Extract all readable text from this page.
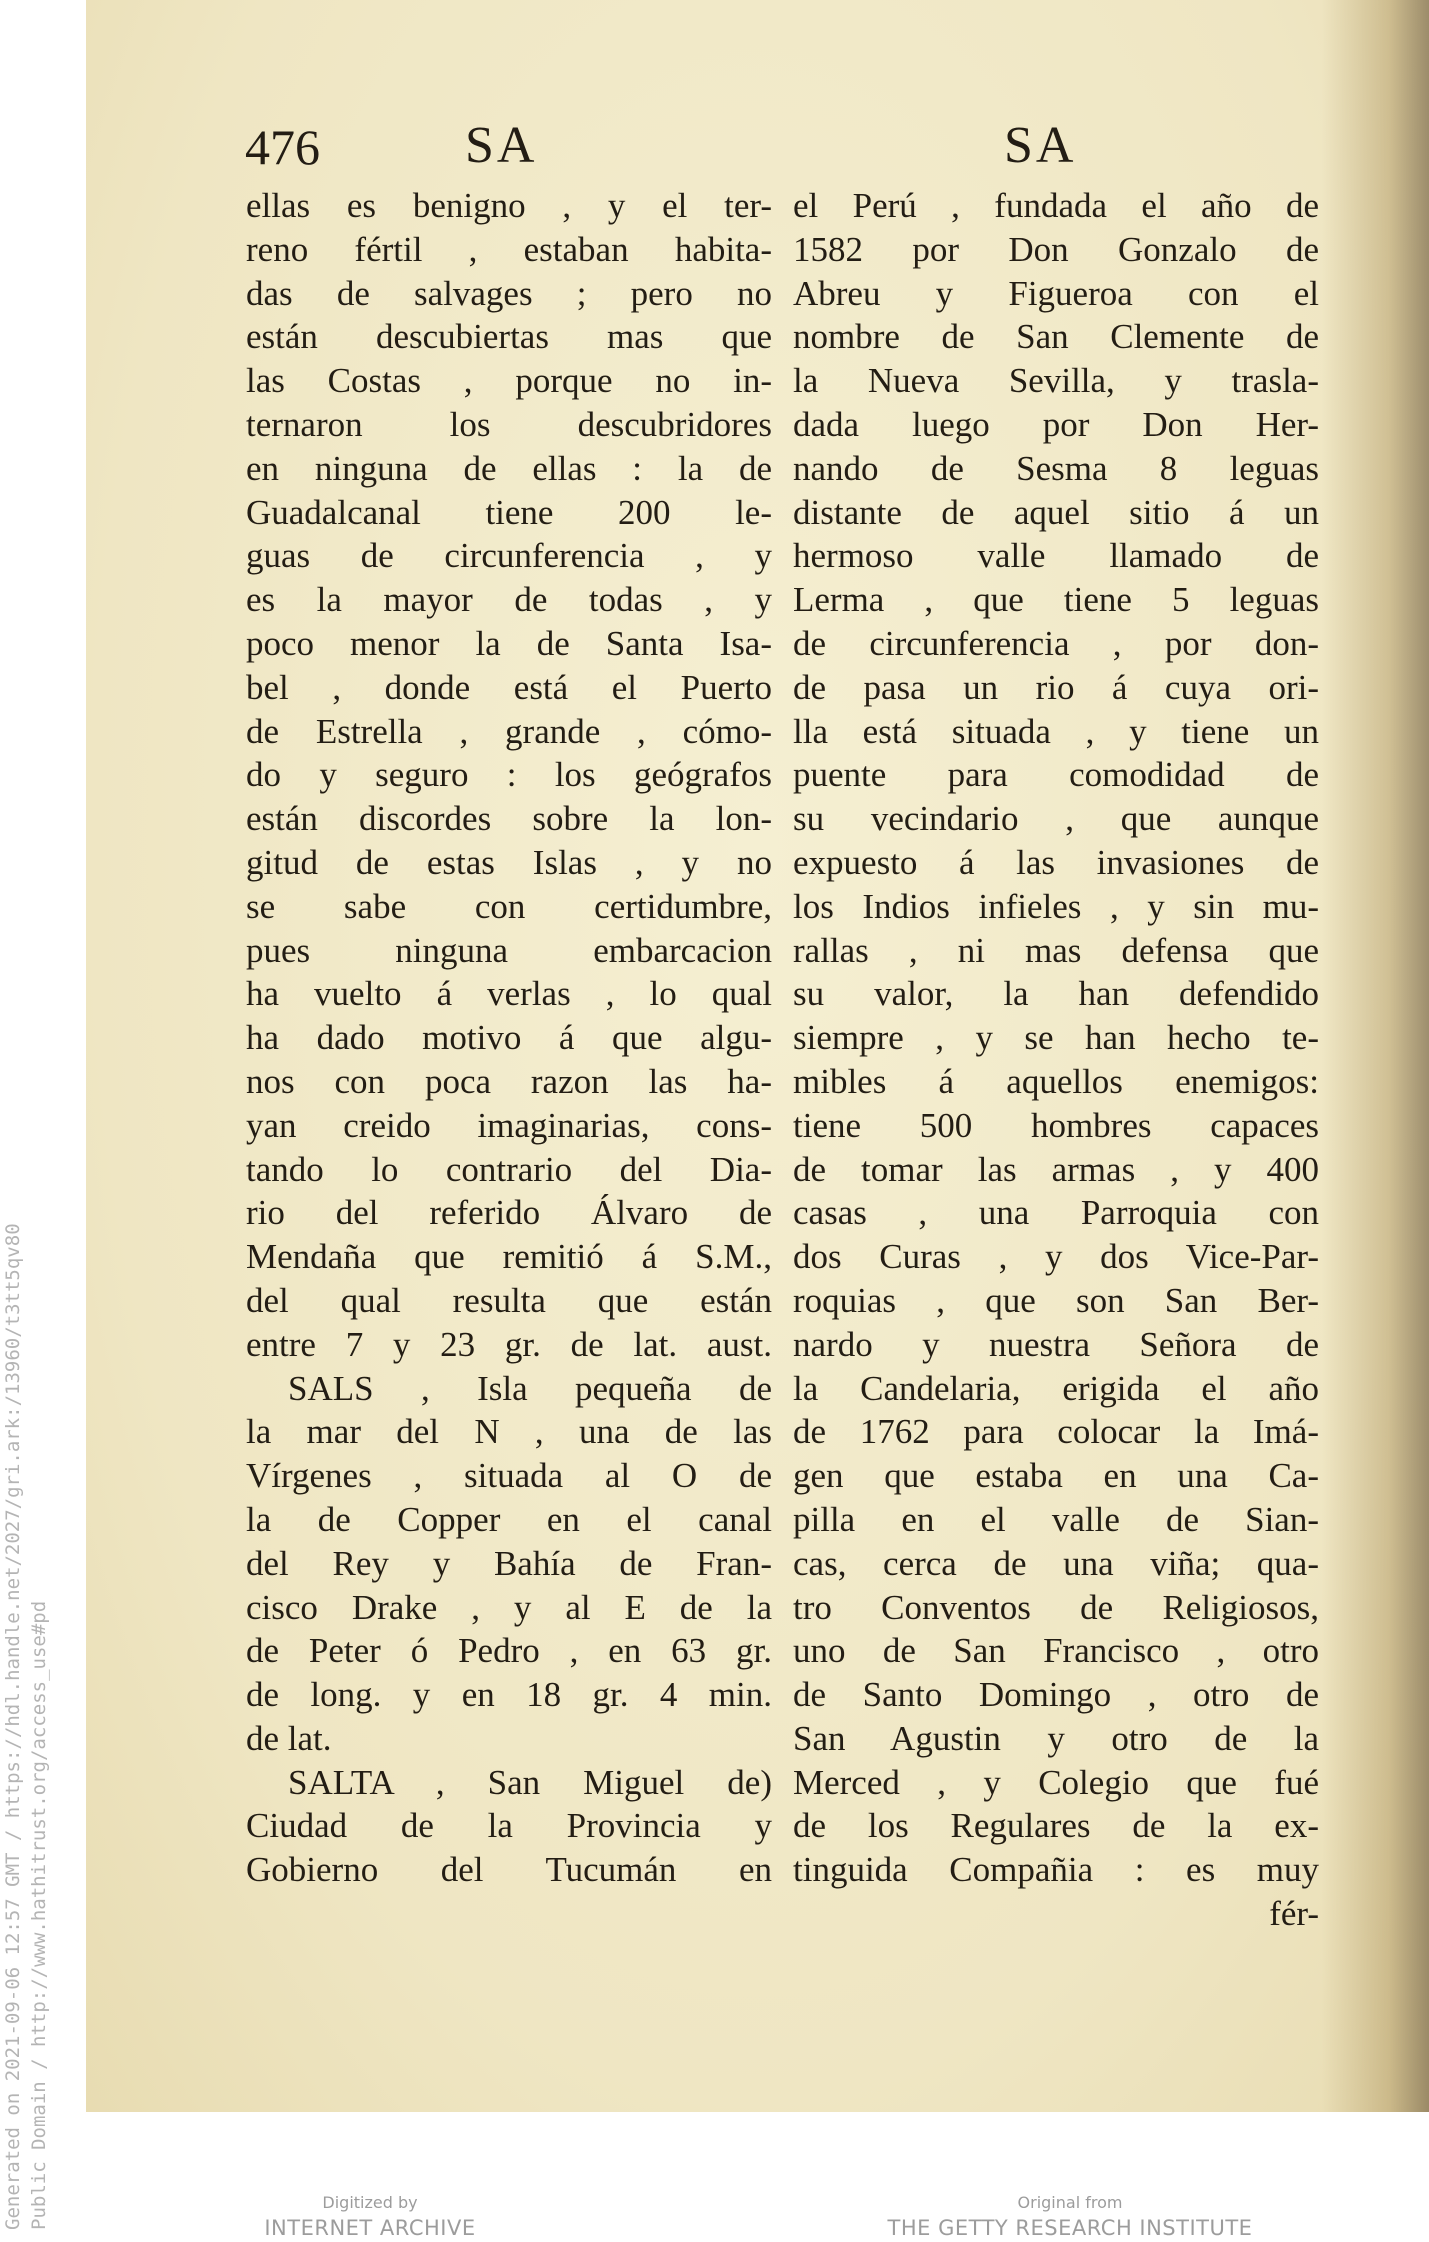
Generated on 2021-09-06 12:57 GMT / https://hdl.handle.net/2027/gri.ark:/13960/t3tt5qv80 Public Domain / http://www.hathitrust.org/access_use#pd
476	SA	SA
ellas es benigno , y el ter-
reno fértil , estaban habita-
das de salvages ; pero no
están descubiertas mas que
las Costas , porque no in-
ternaron los descubridores
en ninguna de ellas : la de
Guadalcanal tiene 200 le-
guas de circunferencia , y
es la mayor de todas , y
poco menor la de Santa Isa-
bel , donde está el Puerto
de Estrella , grande , cómo-
do y seguro : los geógrafos
están discordes sobre la lon-
gitud de estas Islas , y no
se sabe con certidumbre,
pues ninguna embarcacion
ha vuelto á verlas , lo qual
ha dado motivo á que algu-
nos con poca razon las ha-
yan creido imaginarias, cons-
tando lo contrario del Dia-
rio del referido Álvaro de
Mendaña que remitió á S.M.,
del qual resulta que están
entre 7 y 23 gr. de lat. aust.
SALS , Isla pequeña de
la mar del N , una de las
Vírgenes , situada al O de
la de Copper en el canal
del Rey y Bahía de Fran-
cisco Drake , y al E de la
de Peter ó Pedro , en 63 gr.
de long. y en 18 gr. 4 min.
de lat.
SALTA , San Miguel de)
Ciudad de la Provincia y
Gobierno del Tucumán en
el Perú , fundada el año de
1582 por Don Gonzalo de
Abreu y Figueroa con el
nombre de San Clemente de
la Nueva Sevilla, y trasla-
dada luego por Don Her-
nando de Sesma 8 leguas
distante de aquel sitio á un
hermoso valle llamado de
Lerma , que tiene 5 leguas
de circunferencia , por don-
de pasa un rio á cuya ori-
lla está situada , y tiene un
puente para comodidad de
su vecindario , que aunque
expuesto á las invasiones de
los Indios infieles , y sin mu-
rallas , ni mas defensa que
su valor, la han defendido
siempre , y se han hecho te-
mibles á aquellos enemigos:
tiene 500 hombres capaces
de tomar las armas , y 400
casas , una Parroquia con
dos Curas , y dos Vice-Par-
roquias , que son San Ber-
nardo y nuestra Señora de
la Candelaria, erigida el año
de 1762 para colocar la Imá-
gen que estaba en una Ca-
pilla en el valle de Sian-
cas, cerca de una viña; qua-
tro Conventos de Religiosos,
uno de San Francisco , otro
de Santo Domingo , otro de
San Agustin y otro de la
Merced , y Colegio que fué
de los Regulares de la ex-
tinguida Compañia : es muy
fér-
Digitized by
INTERNET ARCHIVE
Original from
THE GETTY RESEARCH INSTITUTE
